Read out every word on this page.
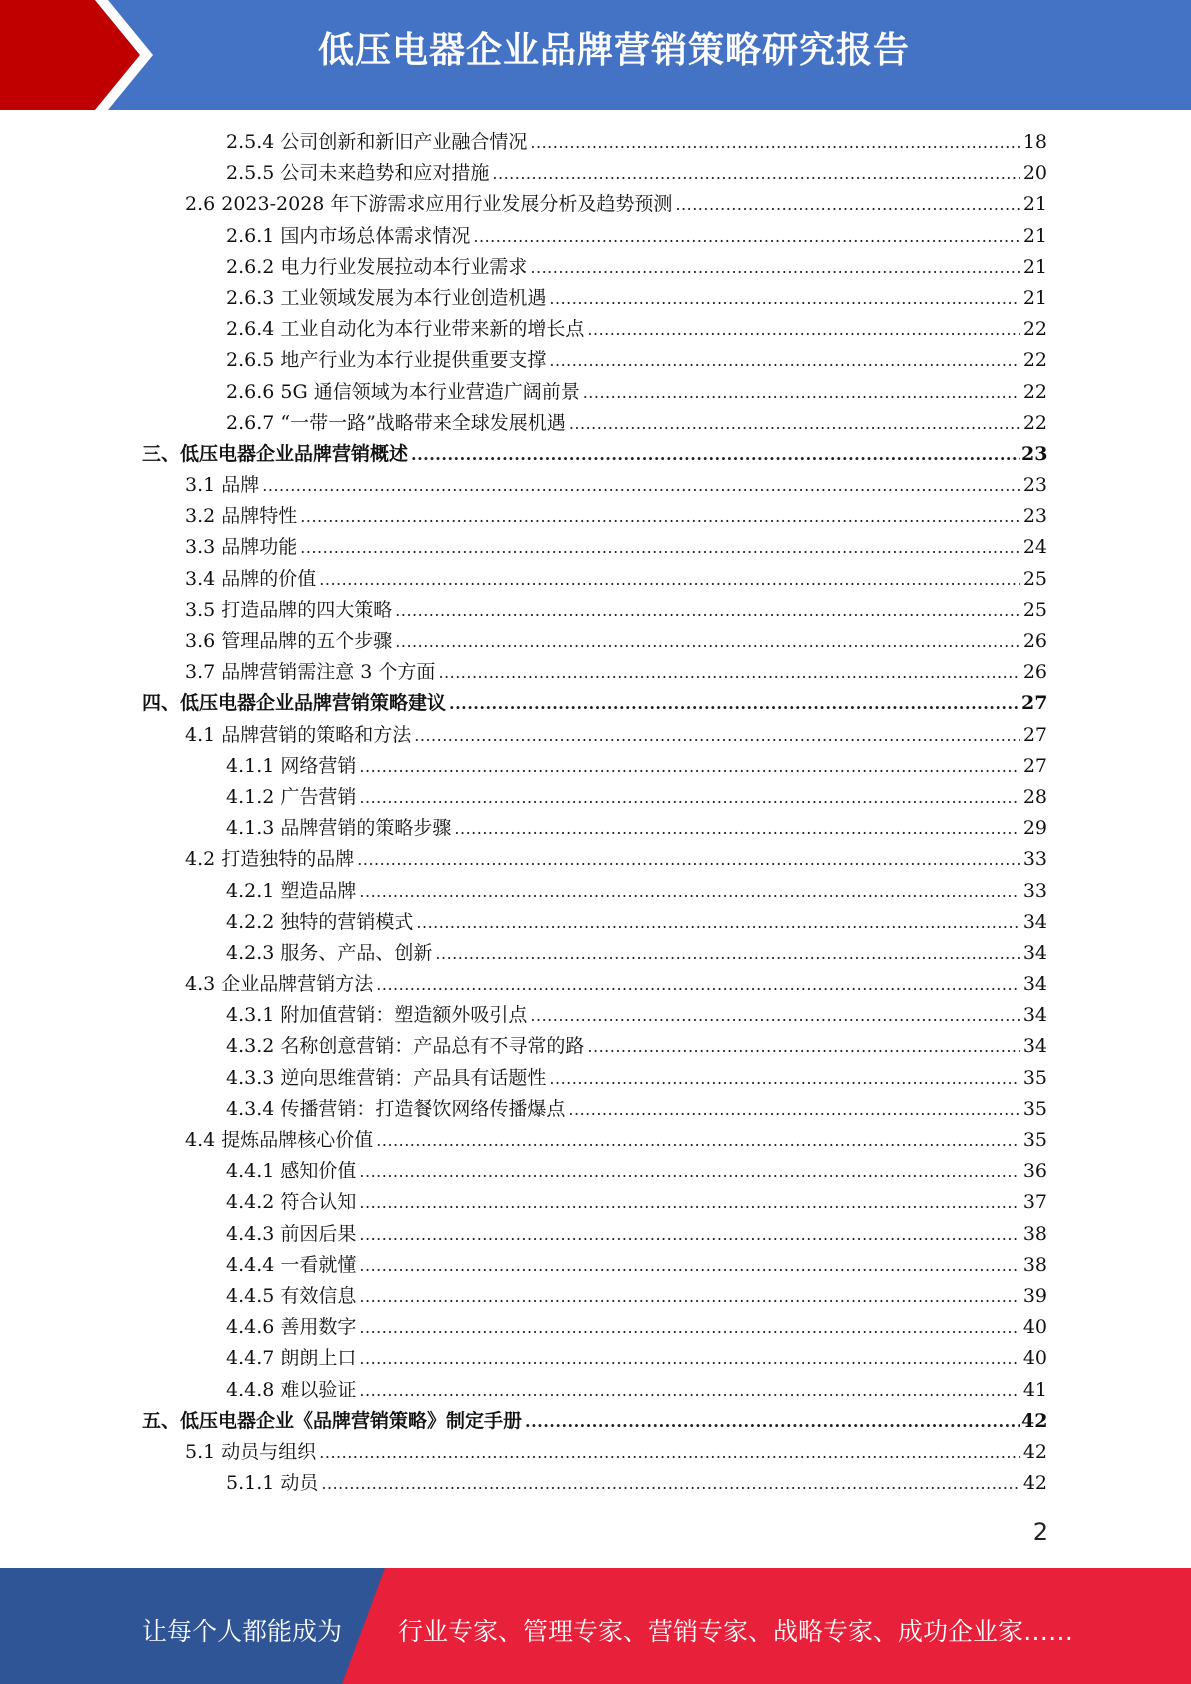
低压电器企业品牌营销策略研究报告
2.5.4 公司创新和新旧产业融合情况 .....	18
2.5.5 公司未来趋势和应对措施 .....	20
2.6 2023-2028 年下游需求应用行业发展分析及趋势预测 .....	21
2.6.1 国内市场总体需求情况 .....	21
2.6.2 电力行业发展拉动本行业需求 .....	21
2.6.3 工业领域发展为本行业创造机遇 .....	21
2.6.4 工业自动化为本行业带来新的增长点 .....	22
2.6.5 地产行业为本行业提供重要支撑 .....	22
2.6.6 5G 通信领域为本行业营造广阔前景 .....	22
2.6.7 “一带一路”战略带来全球发展机遇 .....	22
三、低压电器企业品牌营销概述 .....	23
3.1 品牌 .....	23
3.2 品牌特性 .....	23
3.3 品牌功能 .....	24
3.4 品牌的价值 .....	25
3.5 打造品牌的四大策略 .....	25
3.6 管理品牌的五个步骤 .....	26
3.7 品牌营销需注意 3 个方面 .....	26
四、低压电器企业品牌营销策略建议 .....	27
4.1 品牌营销的策略和方法 .....	27
4.1.1 网络营销 .....	27
4.1.2 广告营销 .....	28
4.1.3 品牌营销的策略步骤 .....	29
4.2 打造独特的品牌 .....	33
4.2.1 塑造品牌 .....	33
4.2.2 独特的营销模式 .....	34
4.2.3 服务、产品、创新 .....	34
4.3 企业品牌营销方法 .....	34
4.3.1 附加值营销：塑造额外吸引点 .....	34
4.3.2 名称创意营销：产品总有不寻常的路 .....	34
4.3.3 逆向思维营销：产品具有话题性 .....	35
4.3.4 传播营销：打造餐饮网络传播爆点 .....	35
4.4 提炼品牌核心价值 .....	35
4.4.1 感知价值 .....	36
4.4.2 符合认知 .....	37
4.4.3 前因后果 .....	38
4.4.4 一看就懂 .....	38
4.4.5 有效信息 .....	39
4.4.6 善用数字 .....	40
4.4.7 朗朗上口 .....	40
4.4.8 难以验证 .....	41
五、低压电器企业《品牌营销策略》制定手册 .....	42
5.1 动员与组织 .....	42
5.1.1 动员 .....	42
2
让每个人都能成为 行业专家、管理专家、营销专家、战略专家、成功企业家……
